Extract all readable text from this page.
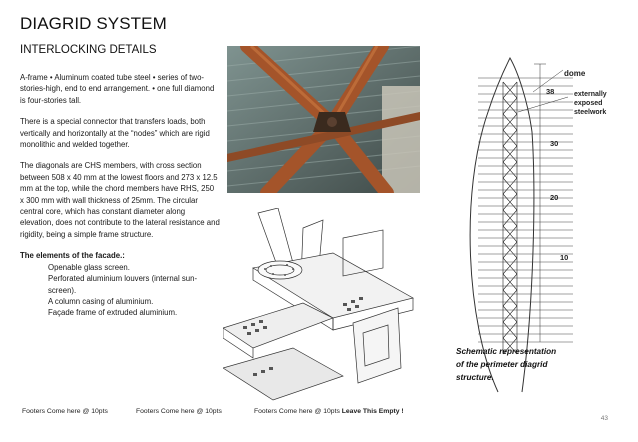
DIAGRID SYSTEM
INTERLOCKING DETAILS

A-frame • Aluminum coated tube steel • series of two-stories-high, end to end arrangement. • one full diamond is four-stories tall.

There is a special connector that transfers loads, both vertically and horizontally at the “nodes” which are rigid monolithic and welded together.

The diagonals are CHS members, with cross section between 508 x 40 mm at the lowest floors and 273 x 12.5 mm at the top, while the chord members have RHS, 250 x 300 mm with wall thickness of 25mm. The circular central core, which has constant diameter along elevation, does not contribute to the lateral resistance and rigidity, being a simple frame structure.

The elements of the facade.:
Openable glass screen.
Perforated aluminium louvers (internal sun-screen).
A column casing of aluminium.
Façade frame of extruded aluminium.
dome
externally
exposed
steelwork
38
30
20
10
Schematic representation
of the perimeter diagrid
structure.
Footers Come here @ 10pts	Footers Come here @ 10pts	Footers Come here @ 10pts Leave This Empty !
43
